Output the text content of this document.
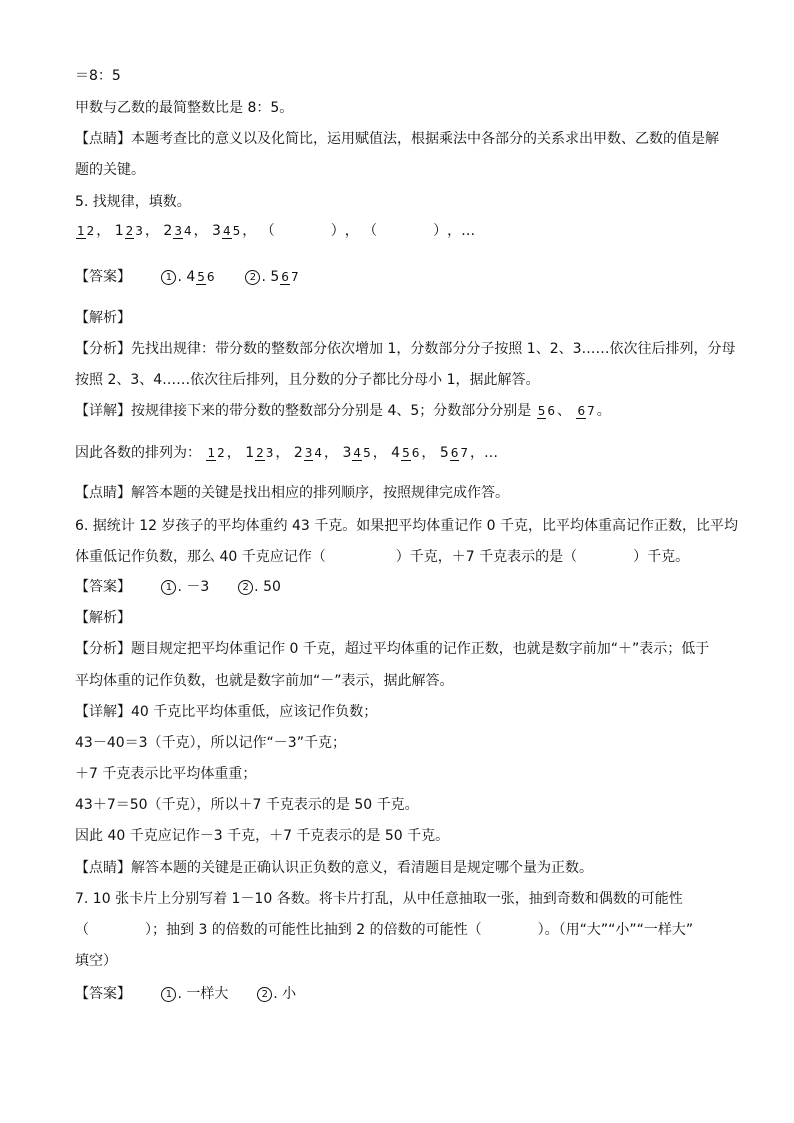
＝8：5
甲数与乙数的最简整数比是 8：5。
【点睛】本题考查比的意义以及化简比，运用赋值法，根据乘法中各部分的关系求出甲数、乙数的值是解
题的关键。
5. 找规律，填数。
1 2 ， 1 2 3 ， 2 3 4 ， 3 4 5 ， （　　　　）， （　　　　），…
【答案】	1 . 4 5 6	2 . 5 6 7
【解析】
【分析】先找出规律：带分数的整数部分依次增加 1，分数部分分子按照 1、2、3……依次往后排列，分母
按照 2、3、4……依次往后排列，且分数的分子都比分母小 1，据此解答。
【详解】按规律接下来的带分数的整数部分分别是 4、5；分数部分分别是 5 6 、 6 7 。
因此各数的排列为： 1 2 ， 1 2 3 ， 2 3 4 ， 3 4 5 ， 4 5 6 ， 5 6 7 ，…
【点睛】解答本题的关键是找出相应的排列顺序，按照规律完成作答。
6. 据统计 12 岁孩子的平均体重约 43 千克。如果把平均体重记作 0 千克，比平均体重高记作正数，比平均
体重低记作负数，那么 40 千克应记作（　　　　　）千克，＋7 千克表示的是（　　　　）千克。
【答案】	1 . －3	2 . 50
【解析】
【分析】题目规定把平均体重记作 0 千克，超过平均体重的记作正数，也就是数字前加“＋”表示；低于
平均体重的记作负数，也就是数字前加“－”表示，据此解答。
【详解】40 千克比平均体重低，应该记作负数；
43－40＝3（千克），所以记作“－3”千克；
＋7 千克表示比平均体重重；
43＋7＝50（千克），所以＋7 千克表示的是 50 千克。
因此 40 千克应记作－3 千克，＋7 千克表示的是 50 千克。
【点睛】解答本题的关键是正确认识正负数的意义，看清题目是规定哪个量为正数。
7. 10 张卡片上分别写着 1－10 各数。将卡片打乱，从中任意抽取一张，抽到奇数和偶数的可能性
（　　　　）；抽到 3 的倍数的可能性比抽到 2 的倍数的可能性（　　　　）。（用“大”“小”“一样大”
填空）
【答案】	1 . 一样大	2 . 小
